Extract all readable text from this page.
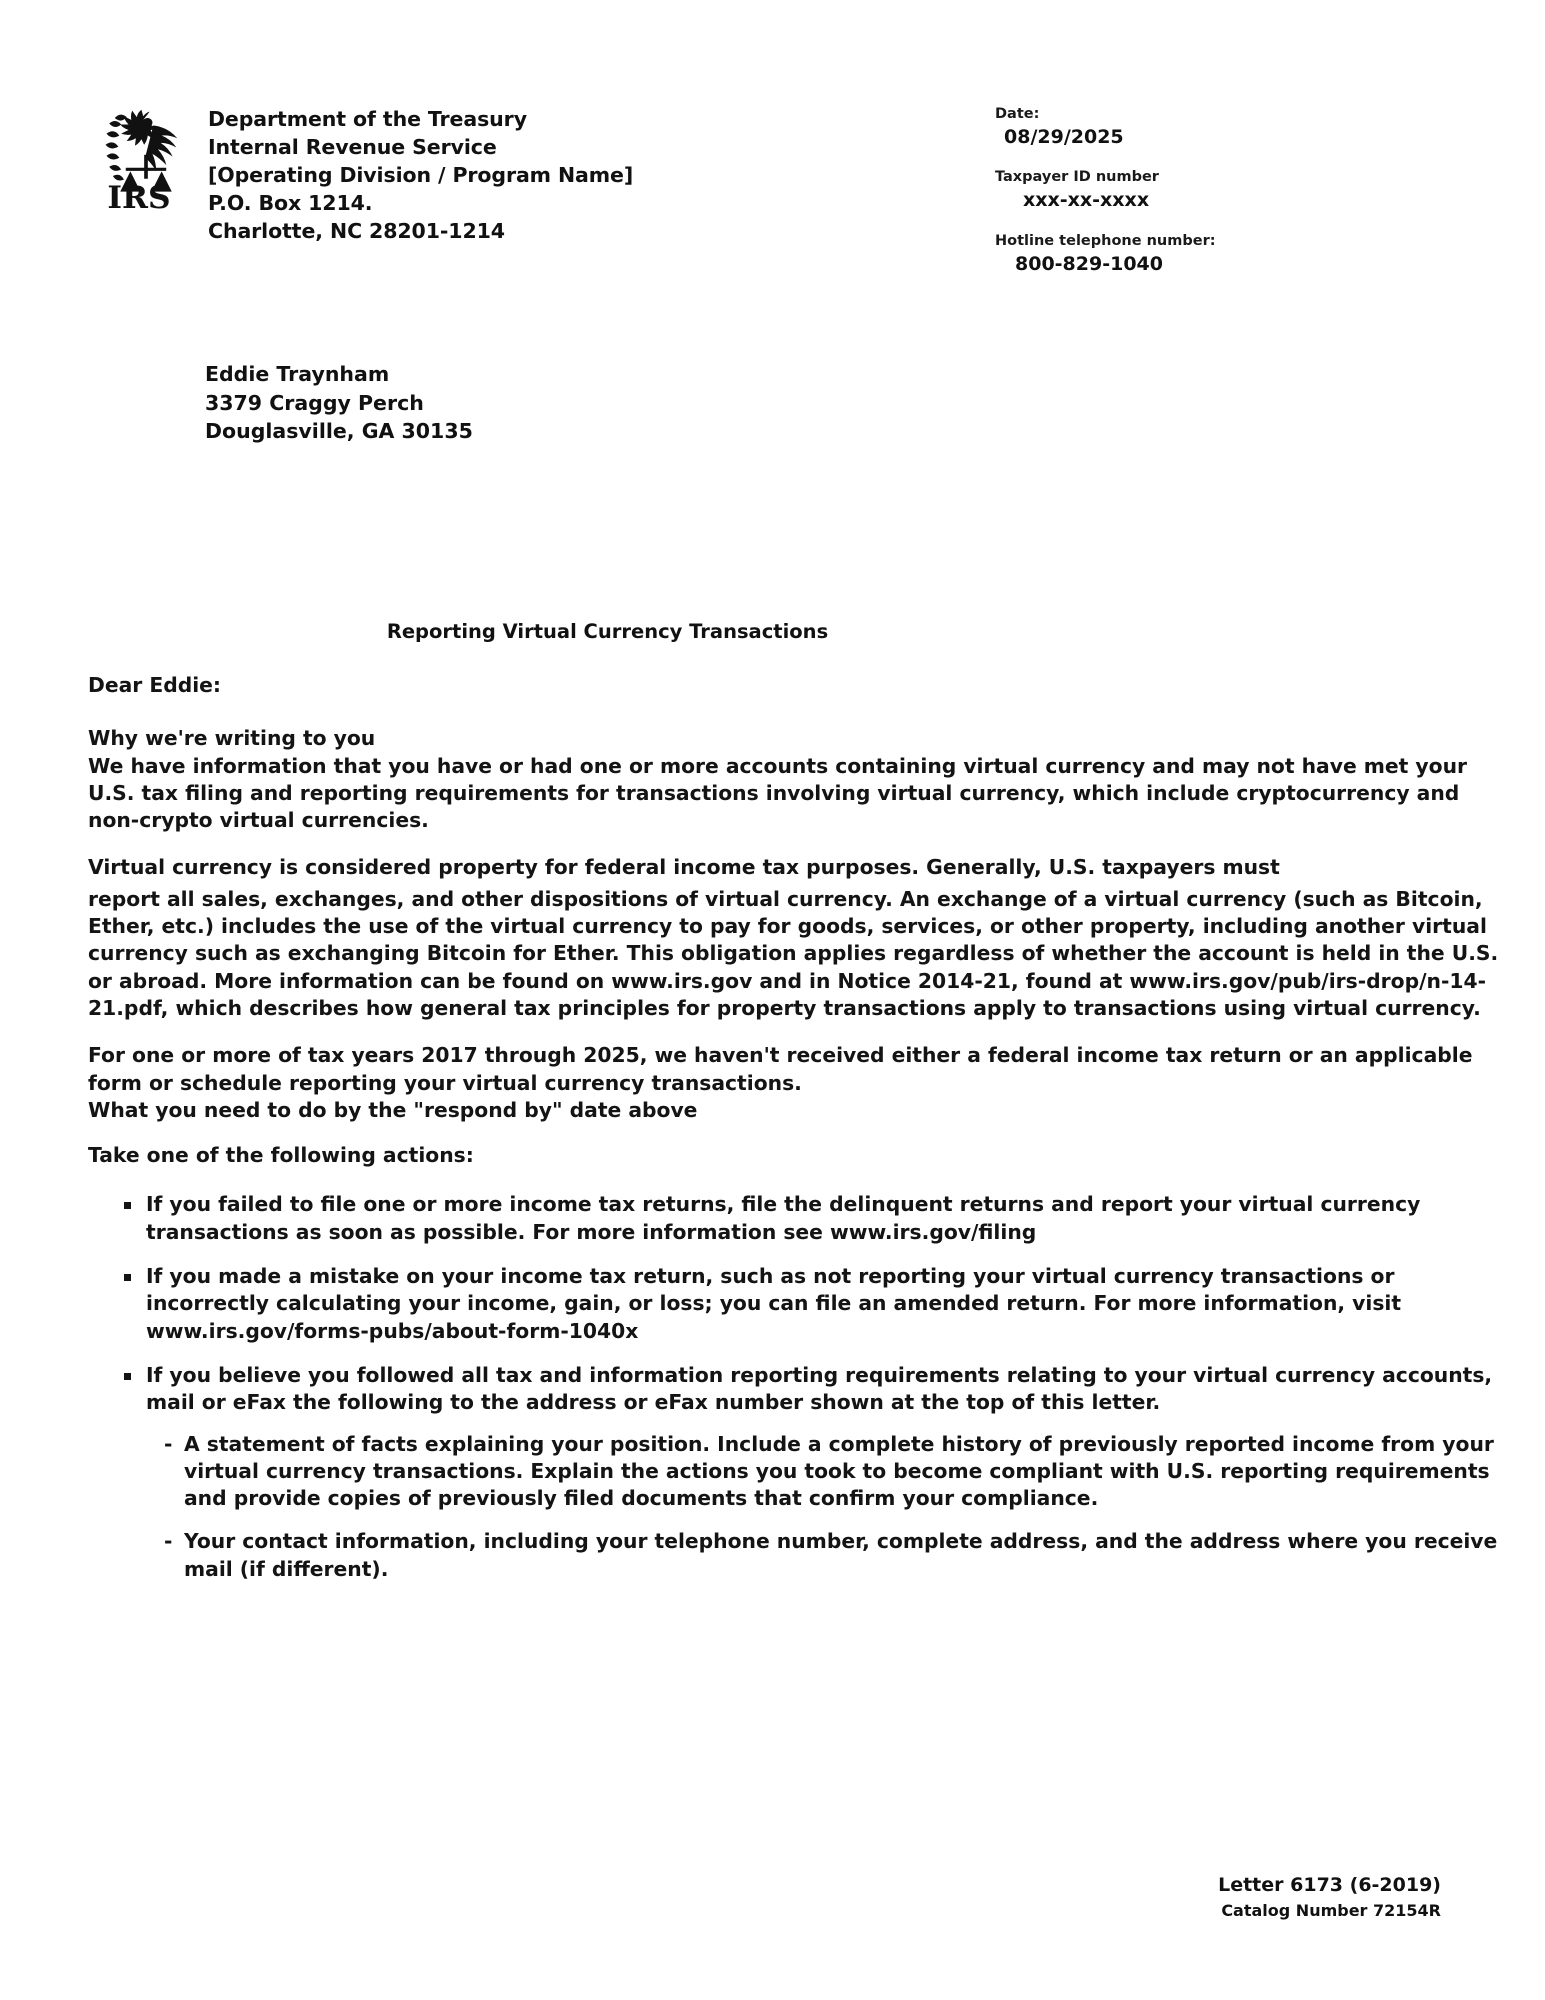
IRS
Department of the Treasury
Internal Revenue Service
[Operating Division / Program Name]
P.O. Box 1214.
Charlotte, NC 28201-1214
Date:
08/29/2025
Taxpayer ID number
xxx-xx-xxxx
Hotline telephone number:
800-829-1040
Eddie Traynham
3379 Craggy Perch
Douglasville, GA 30135
Reporting Virtual Currency Transactions
Dear Eddie:
Why we're writing to you

We have information that you have or had one or more accounts containing virtual currency and may not have met your U.S. tax filing and reporting requirements for transactions involving virtual currency, which include cryptocurrency and non-crypto virtual currencies.

Virtual currency is considered property for federal income tax purposes. Generally, U.S. taxpayers must

report all sales, exchanges, and other dispositions of virtual currency. An exchange of a virtual currency (such as Bitcoin, Ether, etc.) includes the use of the virtual currency to pay for goods, services, or other property, including another virtual currency such as exchanging Bitcoin for Ether. This obligation applies regardless of whether the account is held in the U.S. or abroad. More information can be found on www.irs.gov and in Notice 2014-21, found at www.irs.gov/pub/irs-drop/n-14-21.pdf, which describes how general tax principles for property transactions apply to transactions using virtual currency.

For one or more of tax years 2017 through 2025, we haven't received either a federal income tax return or an applicable form or schedule reporting your virtual currency transactions.

What you need to do by the "respond by" date above

Take one of the following actions:

If you failed to file one or more income tax returns, file the delinquent returns and report your virtual currency transactions as soon as possible. For more information see www.irs.gov/filing
If you made a mistake on your income tax return, such as not reporting your virtual currency transactions or incorrectly calculating your income, gain, or loss; you can file an amended return. For more information, visit www.irs.gov/forms-pubs/about-form-1040x
If you believe you followed all tax and information reporting requirements relating to your virtual currency accounts, mail or eFax the following to the address or eFax number shown at the top of this letter.
- A statement of facts explaining your position. Include a complete history of previously reported income from your virtual currency transactions. Explain the actions you took to become compliant with U.S. reporting requirements and provide copies of previously filed documents that confirm your compliance.
- Your contact information, including your telephone number, complete address, and the address where you receive mail (if different).
Letter 6173 (6-2019)
Catalog Number 72154R
